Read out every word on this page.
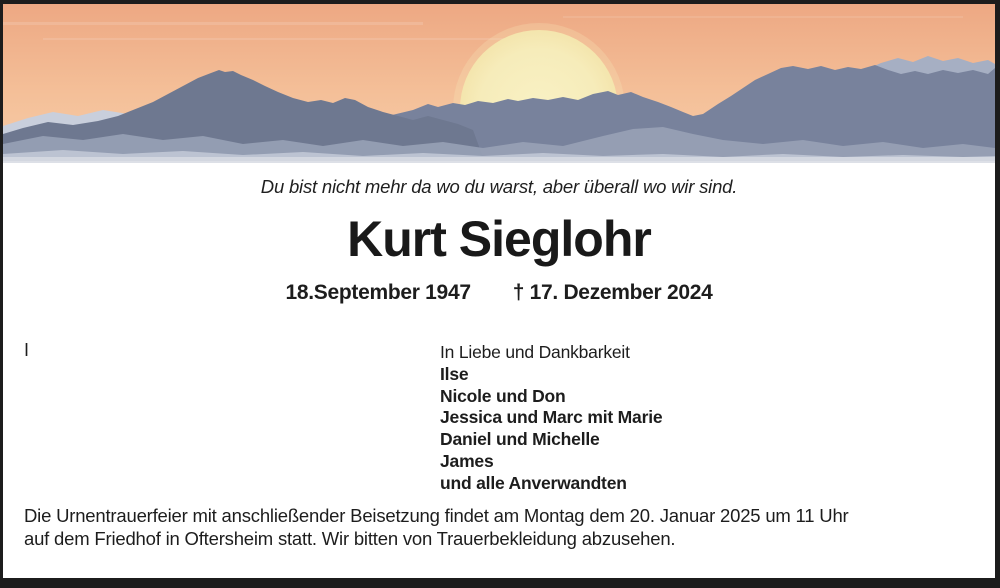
Du bist nicht mehr da wo du warst, aber überall wo wir sind.
Kurt Sieglohr
18.September 1947 † 17. Dezember 2024
I	In Liebe und Dankbarkeit
Ilse
Nicole und Don
Jessica und Marc mit Marie
Daniel und Michelle
James
und alle Anverwandten
Die Urnentrauerfeier mit anschließender Beisetzung findet am Montag dem 20. Januar 2025 um 11 Uhr
auf dem Friedhof in Oftersheim statt. Wir bitten von Trauerbekleidung abzusehen.
